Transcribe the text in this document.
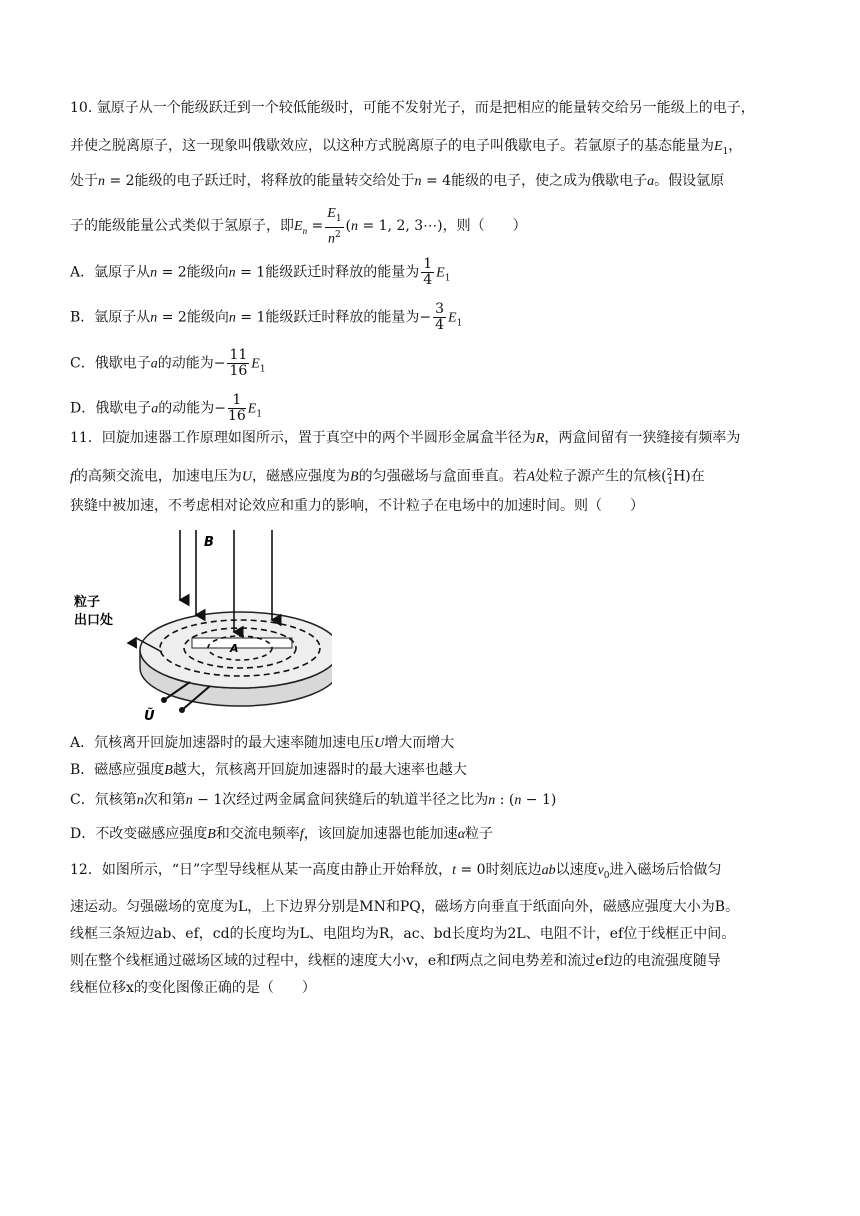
10. 氩原子从一个能级跃迁到一个较低能级时，可能不发射光子，而是把相应的能量转交给另一能级上的电子，
并使之脱离原子，这一现象叫俄歇效应，以这种方式脱离原子的电子叫俄歇电子。若氩原子的基态能量为$E_1$，
处于n = 2能级的电子跃迁时，将释放的能量转交给处于n = 4能级的电子，使之成为俄歇电子a。假设氩原
子的能级能量公式类似于氢原子，即$E_n = \frac{E_1}{n^2} (n = 1$, 2, 3⋯)，则（　　）
A．氩原子从n = 2能级向n = 1能级跃迁时释放的能量为 $\frac{1}{4} E_1$
B．氩原子从n = 2能级向n = 1能级跃迁时释放的能量为− $\frac{3}{4} E_1$
C．俄歇电子a的动能为− $\frac{11}{16} E_1$
D．俄歇电子a的动能为− $\frac{1}{16} E_1$
11．回旋加速器工作原理如图所示，置于真空中的两个半圆形金属盒半径为R，两盒间留有一狭缝接有频率为
f的高频交流电，加速电压为U，磁感应强度为B的匀强磁场与盒面垂直。若A处粒子源产生的氘核($^2_1$H)在
狭缝中被加速，不考虑相对论效应和重力的影响，不计粒子在电场中的加速时间。则（　　）
B
粒子
出口处
A
Ũ
A．氘核离开回旋加速器时的最大速率随加速电压U增大而增大
B．磁感应强度B越大，氘核离开回旋加速器时的最大速率也越大
C．氘核第n次和第n − 1次经过两金属盒间狭缝后的轨道半径之比为n : (n − 1)
D．不改变磁感应强度B和交流电频率f，该回旋加速器也能加速α粒子
12．如图所示，“日”字型导线框从某一高度由静止开始释放，t = 0时刻底边ab以速度$v_0$进入磁场后恰做匀
速运动。匀强磁场的宽度为L，上下边界分别是MN和PQ，磁场方向垂直于纸面向外，磁感应强度大小为B。
线框三条短边ab、ef，cd的长度均为L、电阻均为R，ac、bd长度均为2L、电阻不计，ef位于线框正中间。
则在整个线框通过磁场区域的过程中，线框的速度大小v，e和f两点之间电势差和流过ef边的电流强度随导
线框位移x的变化图像正确的是（　　）
